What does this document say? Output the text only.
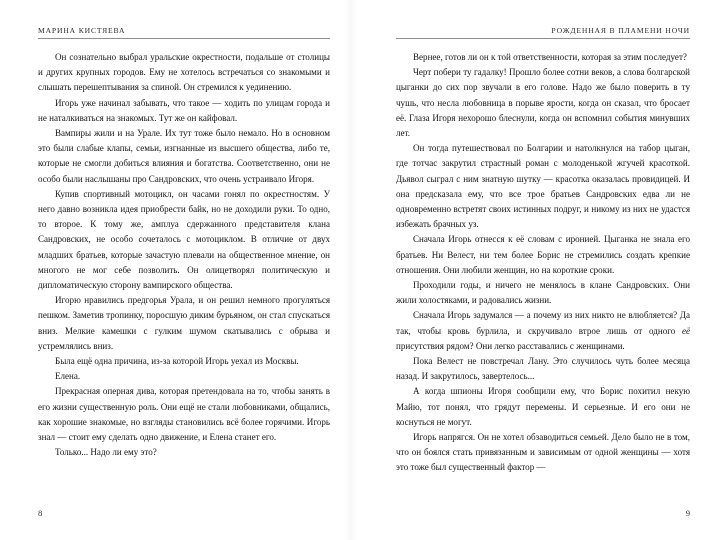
МАРИНА КИСТЯЕВА

Он сознательно выбрал уральские окрестности, подальше от столицы и других крупных городов. Ему не хотелось встречаться со знакомыми и слышать перешептывания за спиной. Он стремился к уединению.

Игорь уже начинал забывать, что такое — ходить по улицам города и не наталкиваться на знакомых. Тут же он кайфовал.

Вампиры жили и на Урале. Их тут тоже было немало. Но в основном это были слабые клапы, семьи, изгнанные из высшего общества, либо те, которые не смогли добиться влияния и богатства. Соответственно, они не особо были наслышаны про Сандровских, что очень устраивало Игоря.

Купив спортивный мотоцикл, он часами гонял по окрестностям. У него давно возникла идея приобрести байк, но не доходили руки. То одно, то второе. К тому же, амплуа сдержанного представителя клана Сандровских, не особо сочеталось с мотоциклом. В отличие от двух младших братьев, которые зачастую плевали на общественное мнение, он многого не мог себе позволить. Он олицетворял политическую и дипломатическую сторону вампирского общества.

Игорю нравились предгорья Урала, и он решил немного прогуляться пешком. Заметив тропинку, поросшую диким бурьяном, он стал спускаться вниз. Мелкие камешки с гулким шумом скатывались с обрыва и устремлялись вниз.

Была ещё одна причина, из-за которой Игорь уехал из Москвы.

Елена.

Прекрасная оперная дива, которая претендовала на то, чтобы занять в его жизни существенную роль. Они ещё не стали любовниками, общались, как хорошие знакомые, но взгляды становились всё более горячими. Игорь знал — стоит ему сделать одно движение, и Елена станет его.

Только... Надо ли ему это?

8
РОЖДЕННАЯ В ПЛАМЕНИ НОЧИ

Вернее, готов ли он к той ответственности, которая за этим последует?

Черт побери ту гадалку! Прошло более сотни веков, а слова болгарской цыганки до сих пор звучали в его голове. Надо же было поверить в ту чушь, что несла любовница в порыве ярости, когда он сказал, что бросает её. Глаза Игоря нехорошо блеснули, когда он вспомнил события минувших лет.

Он тогда путешествовал по Болгарии и натолкнулся на табор цыган, где тотчас закрутил страстный роман с молоденькой жгучей красоткой. Дьявол сыграл с ним знатную шутку — красотка оказалась провидицей. И она предсказала ему, что все трое братьев Сандровских едва ли не одновременно встретят своих истинных подруг, и никому из них не удастся избежать брачных уз.

Сначала Игорь отнесся к её словам с иронией. Цыганка не знала его братьев. Ни Велест, ни тем более Борис не стремились создать крепкие отношения. Они любили женщин, но на короткие сроки.

Проходили годы, и ничего не менялось в клане Сандровских. Они жили холостяками, и радовались жизни.

Сначала Игорь задумался — а почему из них никто не влюбляется? Да так, чтобы кровь бурлила, и скручивало втрое лишь от одного её присутствия рядом? Они легко расставались с женщинами.

Пока Велест не повстречал Лану. Это случилось чуть более месяца назад. И закрутилось, завертелось...

А когда шпионы Игоря сообщили ему, что Борис похитил некую Майю, тот понял, что грядут перемены. И серьезные. И его они не коснуться не могут.

Игорь напрягся. Он не хотел обзаводиться семьей. Дело было не в том, что он боялся стать привязанным и зависимым от одной женщины — хотя это тоже был существенный фактор —

9
